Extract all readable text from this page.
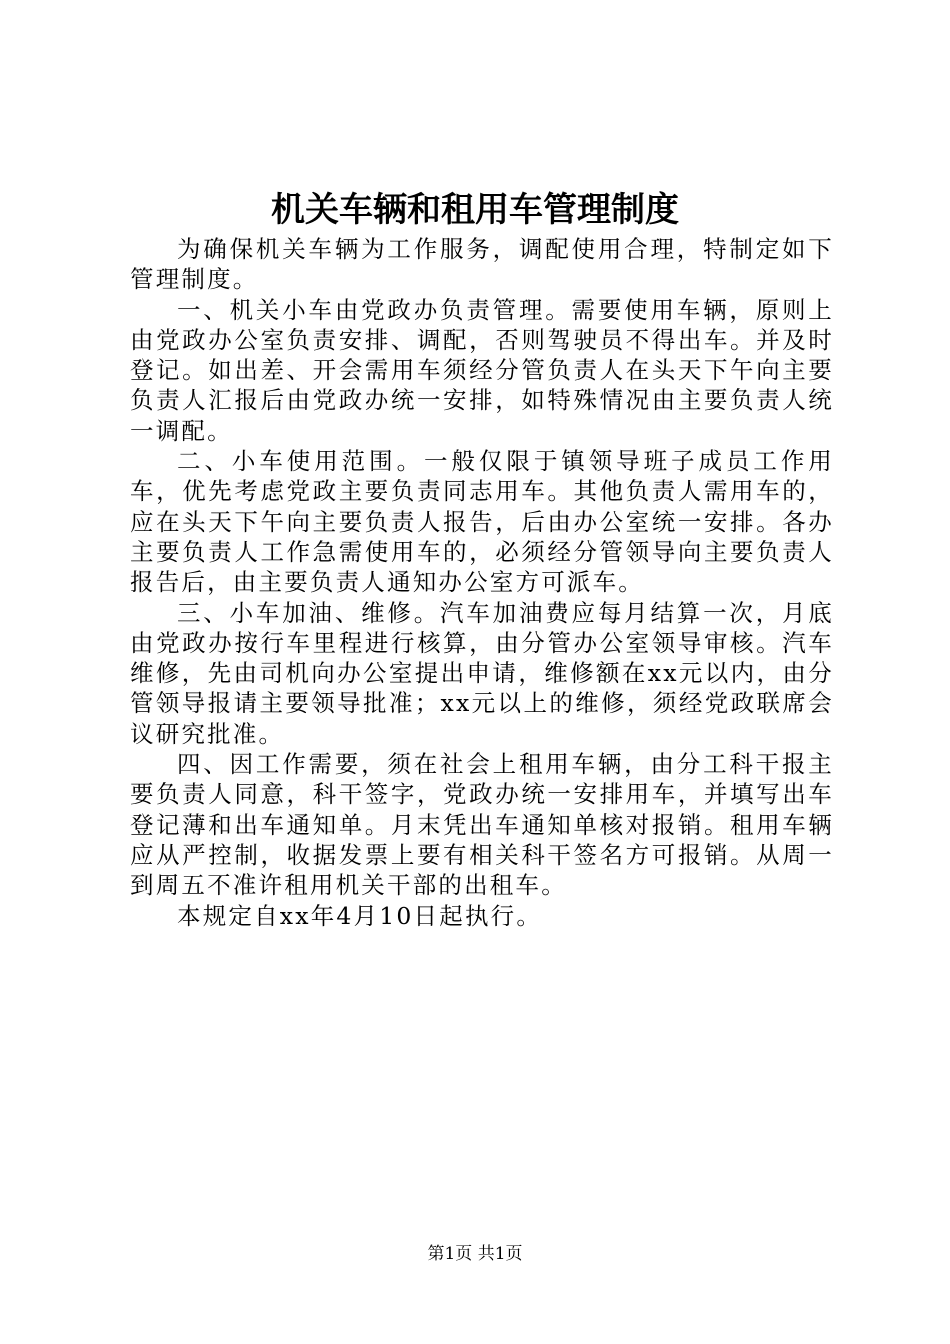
机关车辆和租用车管理制度

为确保机关车辆为工作服务，调配使用合理，特制定如下管理制度。

一、机关小车由党政办负责管理。需要使用车辆，原则上由党政办公室负责安排、调配，否则驾驶员不得出车。并及时登记。如出差、开会需用车须经分管负责人在头天下午向主要负责人汇报后由党政办统一安排，如特殊情况由主要负责人统一调配。

二、小车使用范围。一般仅限于镇领导班子成员工作用车，优先考虑党政主要负责同志用车。其他负责人需用车的，应在头天下午向主要负责人报告，后由办公室统一安排。各办主要负责人工作急需使用车的，必须经分管领导向主要负责人报告后，由主要负责人通知办公室方可派车。

三、小车加油、维修。汽车加油费应每月结算一次，月底由党政办按行车里程进行核算，由分管办公室领导审核。汽车维修，先由司机向办公室提出申请，维修额在xx元以内，由分管领导报请主要领导批准；xx元以上的维修，须经党政联席会议研究批准。

四、因工作需要，须在社会上租用车辆，由分工科干报主要负责人同意，科干签字，党政办统一安排用车，并填写出车登记薄和出车通知单。月末凭出车通知单核对报销。租用车辆应从严控制，收据发票上要有相关科干签名方可报销。从周一到周五不准许租用机关干部的出租车。

本规定自xx年4月10日起执行。

第1页 共1页
